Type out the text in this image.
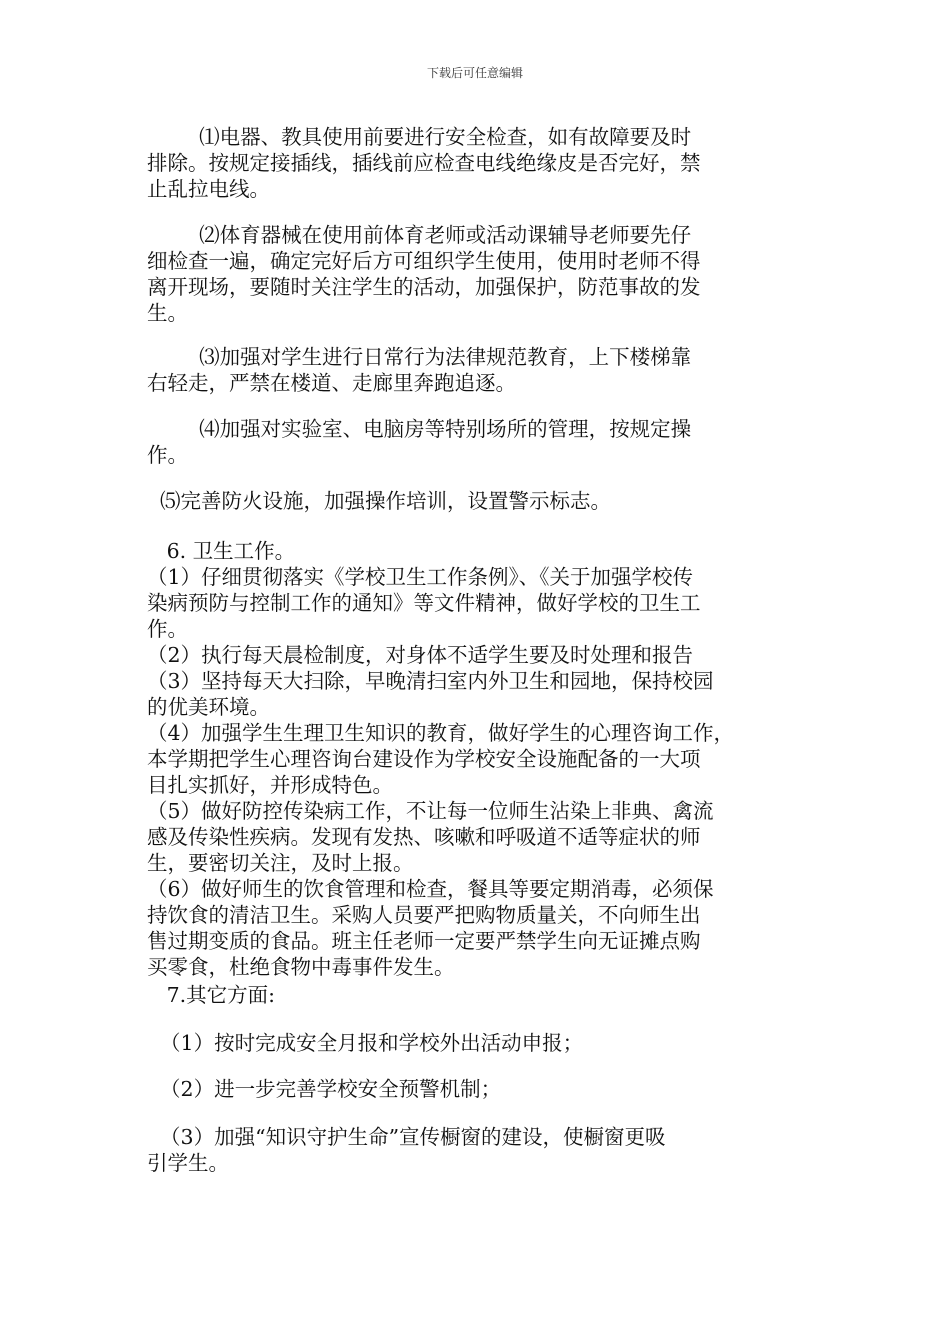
下载后可任意编辑

⑴电器、教具使用前要进行安全检查，如有故障要及时
排除。按规定接插线，插线前应检查电线绝缘皮是否完好，禁
止乱拉电线。

⑵体育器械在使用前体育老师或活动课辅导老师要先仔
细检查一遍，确定完好后方可组织学生使用，使用时老师不得
离开现场，要随时关注学生的活动，加强保护，防范事故的发
生。

⑶加强对学生进行日常行为法律规范教育，上下楼梯靠
右轻走，严禁在楼道、走廊里奔跑追逐。

⑷加强对实验室、电脑房等特别场所的管理，按规定操
作。

⑸完善防火设施，加强操作培训，设置警示标志。

6. 卫生工作。
（1）仔细贯彻落实《学校卫生工作条例》、《关于加强学校传
染病预防与控制工作的通知》等文件精神，做好学校的卫生工
作。
（2）执行每天晨检制度，对身体不适学生要及时处理和报告
（3）坚持每天大扫除，早晚清扫室内外卫生和园地，保持校园
的优美环境。
（4）加强学生生理卫生知识的教育，做好学生的心理咨询工作，
本学期把学生心理咨询台建设作为学校安全设施配备的一大项
目扎实抓好，并形成特色。
（5）做好防控传染病工作，不让每一位师生沾染上非典、禽流
感及传染性疾病。发现有发热、咳嗽和呼吸道不适等症状的师
生，要密切关注，及时上报。
（6）做好师生的饮食管理和检查，餐具等要定期消毒，必须保
持饮食的清洁卫生。采购人员要严把购物质量关，不向师生出
售过期变质的食品。班主任老师一定要严禁学生向无证摊点购
买零食，杜绝食物中毒事件发生。

7.其它方面:

（1）按时完成安全月报和学校外出活动申报；

（2）进一步完善学校安全预警机制；

（3）加强“知识守护生命”宣传橱窗的建设，使橱窗更吸
引学生。
